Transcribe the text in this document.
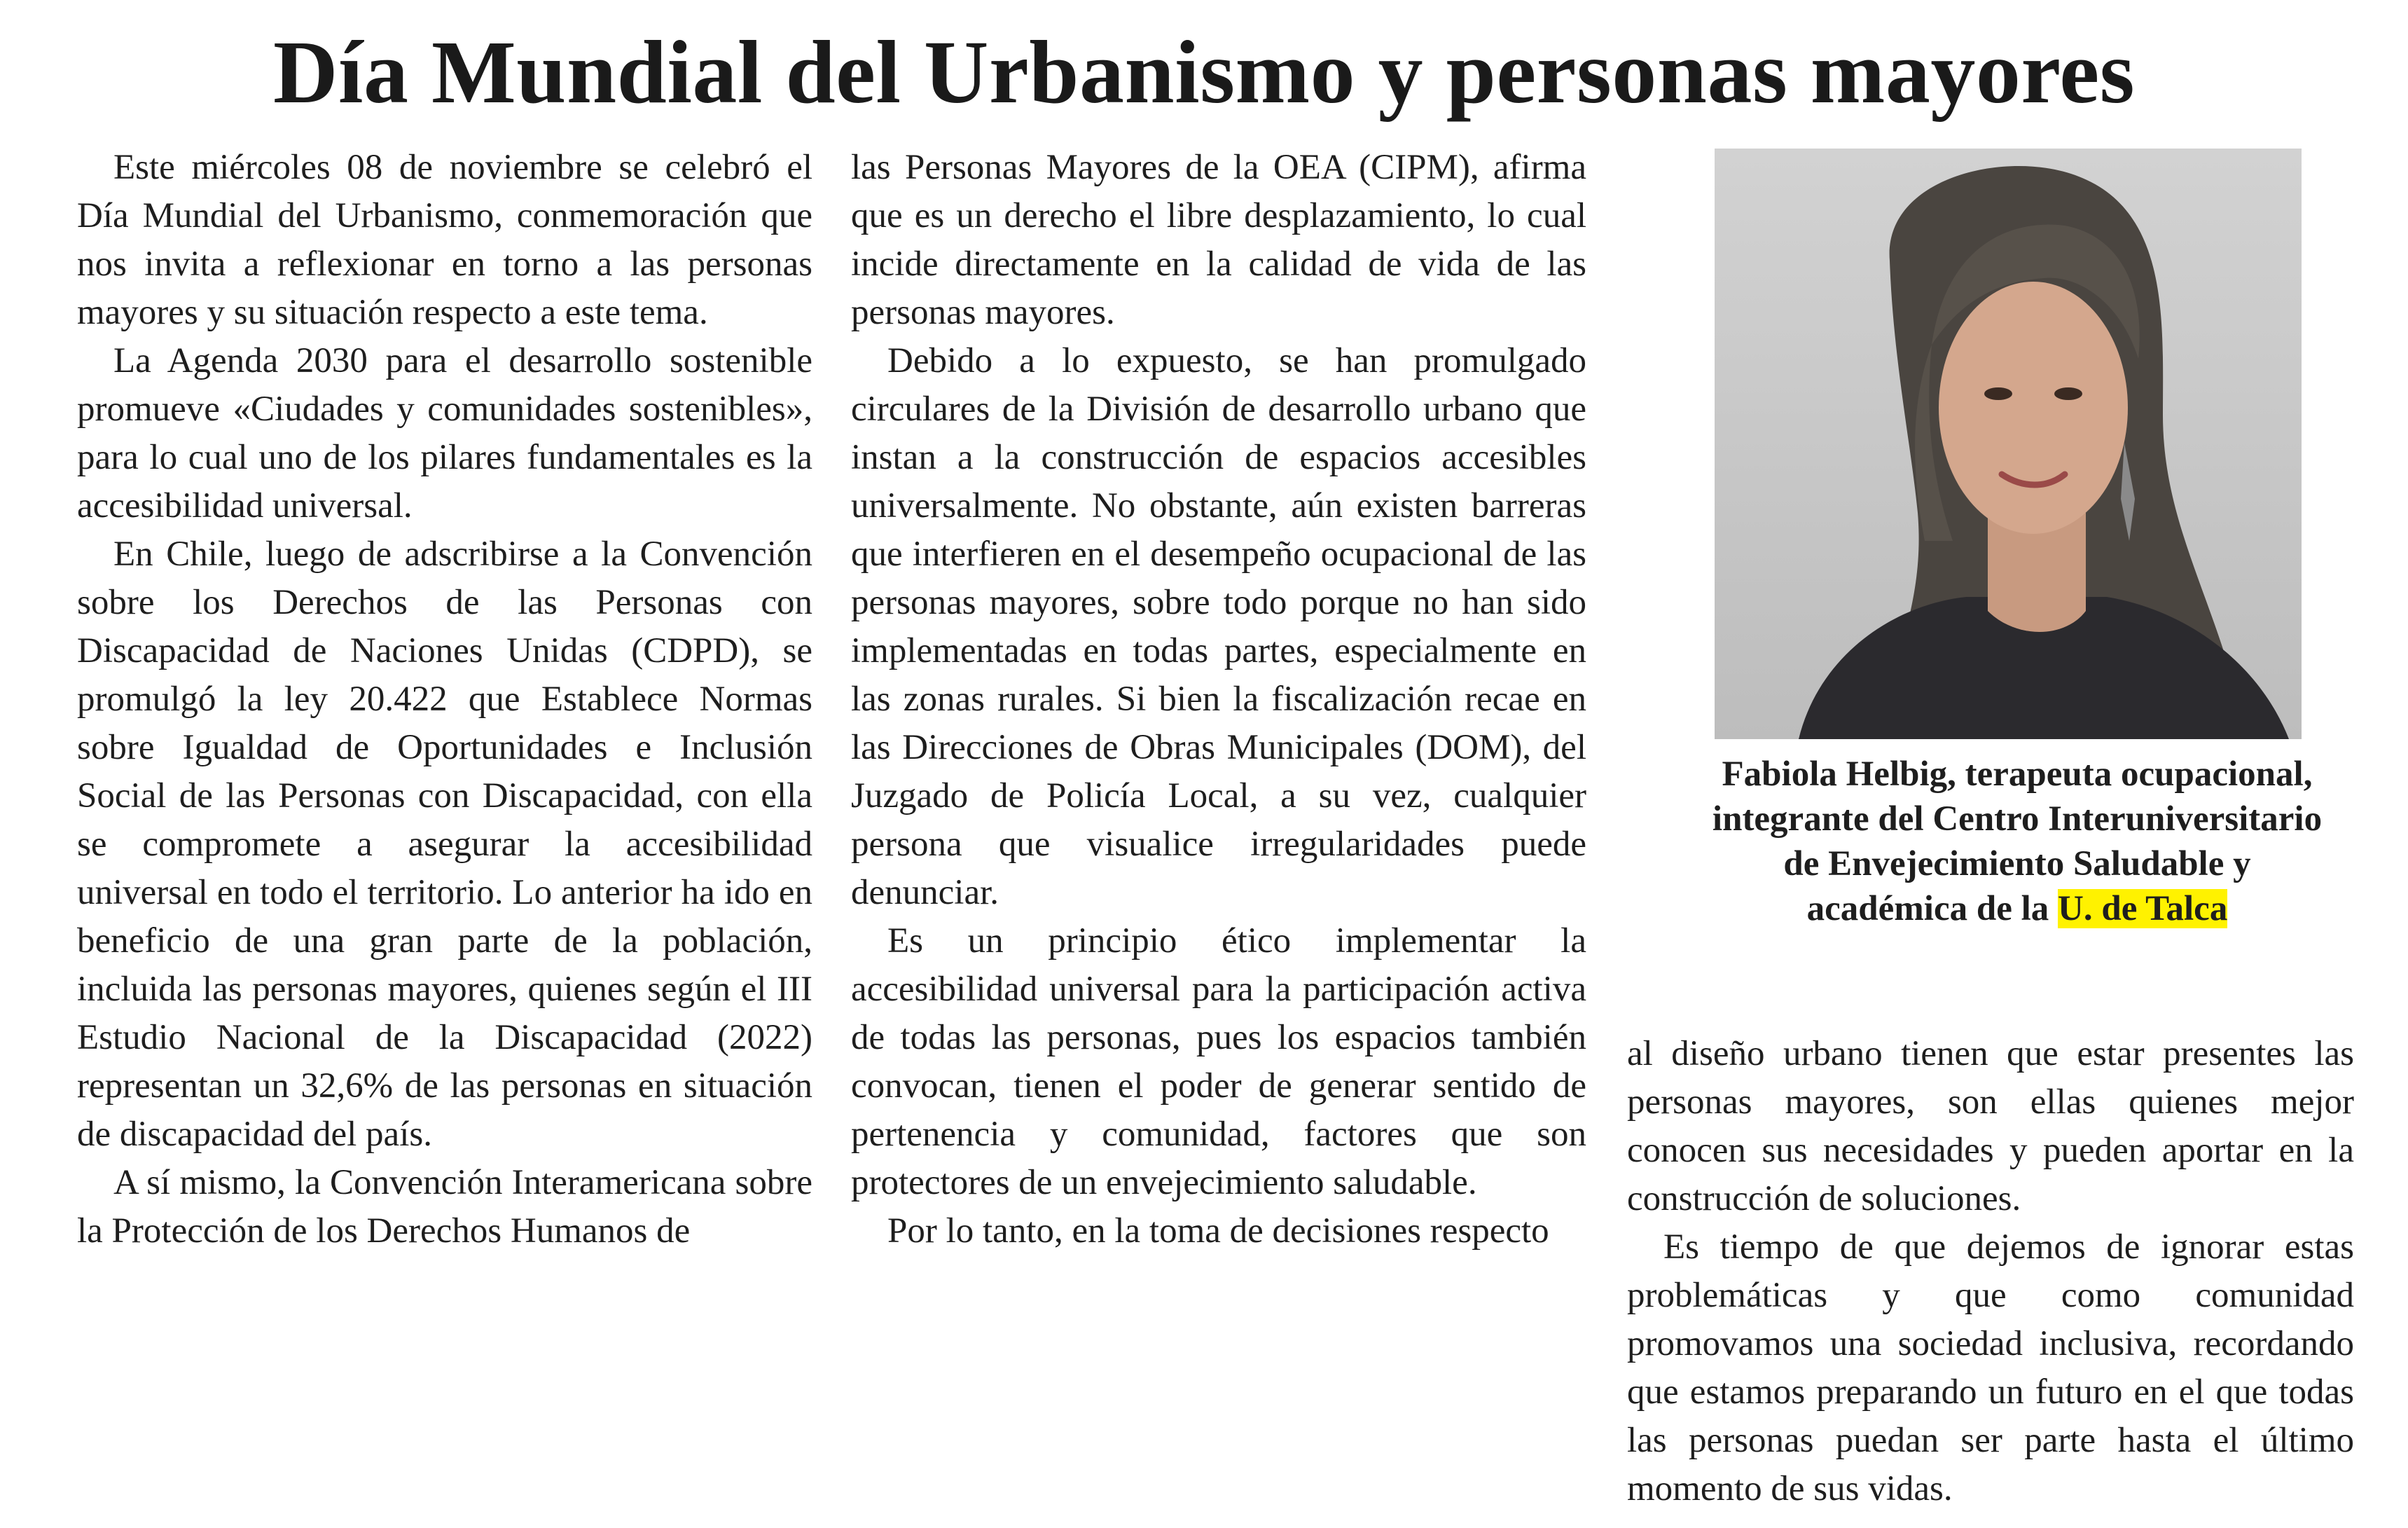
Día Mundial del Urbanismo y personas mayores

Este miércoles 08 de noviembre se celebró el Día Mundial del Urbanismo, conmemoración que nos invita a reflexionar en torno a las personas mayores y su situación respecto a este tema.

La Agenda 2030 para el desarrollo sostenible promueve «Ciudades y comunidades sostenibles», para lo cual uno de los pilares fundamentales es la accesibilidad universal.

En Chile, luego de adscribirse a la Convención sobre los Derechos de las Personas con Discapacidad de Naciones Unidas (CDPD), se promulgó la ley 20.422 que Establece Normas sobre Igualdad de Oportunidades e Inclusión Social de las Personas con Discapacidad, con ella se compromete a asegurar la accesibilidad universal en todo el territorio. Lo anterior ha ido en beneficio de una gran parte de la población, incluida las personas mayores, quienes según el III Estudio Nacional de la Discapacidad (2022) representan un 32,6% de las personas en situación de discapacidad del país.

A sí mismo, la Convención Interamericana sobre la Protección de los Derechos Humanos de

las Personas Mayores de la OEA (CIPM), afirma que es un derecho el libre desplazamiento, lo cual incide directamente en la calidad de vida de las personas mayores.

Debido a lo expuesto, se han promulgado circulares de la División de desarrollo urbano que instan a la construcción de espacios accesibles universalmente. No obstante, aún existen barreras que interfieren en el desempeño ocupacional de las personas mayores, sobre todo porque no han sido implementadas en todas partes, especialmente en las zonas rurales. Si bien la fiscalización recae en las Direcciones de Obras Municipales (DOM), del Juzgado de Policía Local, a su vez, cualquier persona que visualice irregularidades puede denunciar.

Es un principio ético implementar la accesibilidad universal para la participación activa de todas las personas, pues los espacios también convocan, tienen el poder de generar sentido de pertenencia y comunidad, factores que son protectores de un envejecimiento saludable.

Por lo tanto, en la toma de decisiones respecto

Fabiola Helbig, terapeuta ocupacional, integrante del Centro Interuniversitario de Envejecimiento Saludable y académica de la U. de Talca

al diseño urbano tienen que estar presentes las personas mayores, son ellas quienes mejor conocen sus necesidades y pueden aportar en la construcción de soluciones.

Es tiempo de que dejemos de ignorar estas problemáticas y que como comunidad promovamos una sociedad inclusiva, recordando que estamos preparando un futuro en el que todas las personas puedan ser parte hasta el último momento de sus vidas.
